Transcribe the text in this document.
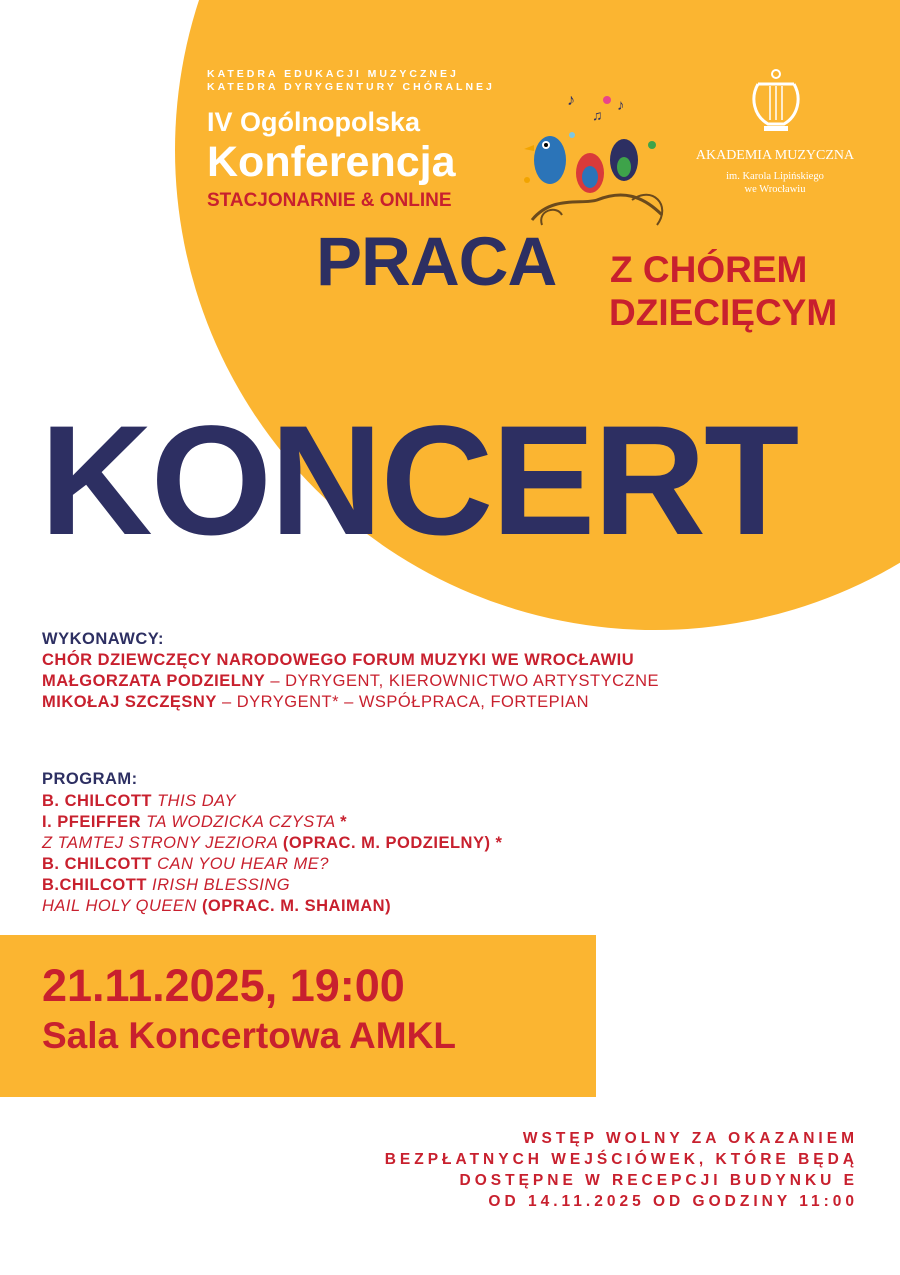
KATEDRA EDUKACJI MUZYCZNEJ
KATEDRA DYRYGENTURY CHÓRALNEJ
IV Ogólnopolska
Konferencja
STACJONARNIE & ONLINE
♪
♫
♪
AKADEMIA MUZYCZNA
im. Karola Lipińskiego
we Wrocławiu
PRACA Z CHÓREM
DZIECIĘCYM
KONCERT
WYKONAWCY:
CHÓR DZIEWCZĘCY NARODOWEGO FORUM MUZYKI WE WROCŁAWIU
MAŁGORZATA PODZIELNY – DYRYGENT, KIEROWNICTWO ARTYSTYCZNE
MIKOŁAJ SZCZĘSNY – DYRYGENT* – WSPÓŁPRACA, FORTEPIAN
PROGRAM:
B. CHILCOTT THIS DAY
I. PFEIFFER TA WODZICKA CZYSTA *
Z TAMTEJ STRONY JEZIORA (OPRAC. M. PODZIELNY) *
B. CHILCOTT CAN YOU HEAR ME?
B.CHILCOTT IRISH BLESSING
HAIL HOLY QUEEN (OPRAC. M. SHAIMAN)
21.11.2025, 19:00
Sala Koncertowa AMKL
WSTĘP WOLNY ZA OKAZANIEM
BEZPŁATNYCH WEJŚCIÓWEK, KTÓRE BĘDĄ
DOSTĘPNE W RECEPCJI BUDYNKU E
OD 14.11.2025 OD GODZINY 11:00
